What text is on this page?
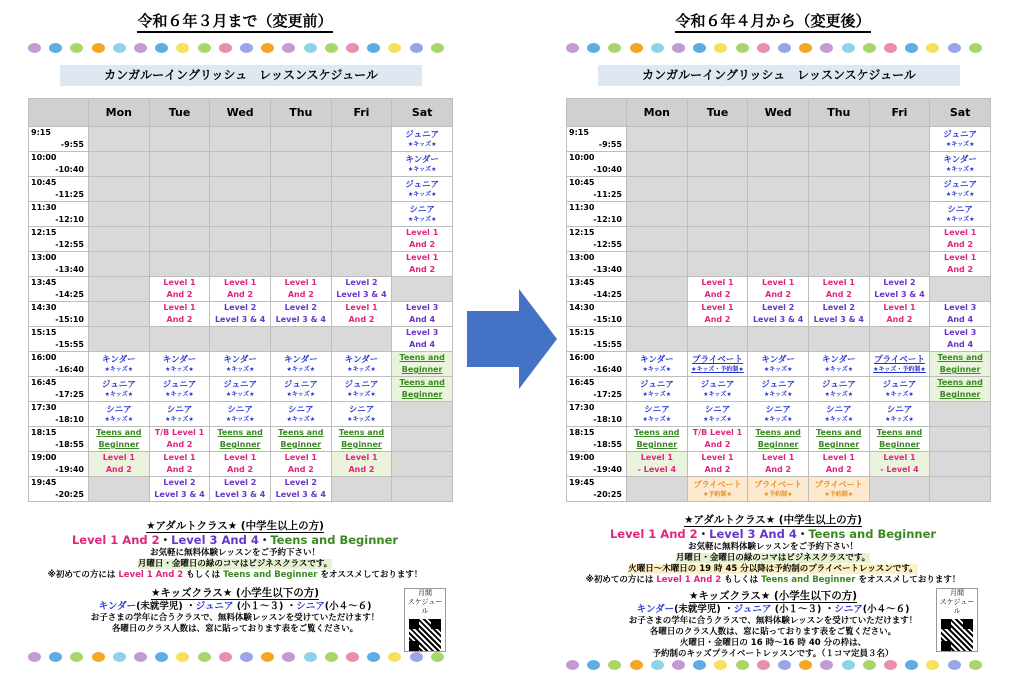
令和６年３月まで（変更前）
カンガルーイングリッシュ　レッスンスケジュール
	Mon	Tue	Wed	Thu	Fri	Sat
9:15
-9:55						ジュニア
★キッズ★

10:00
-10:40						キンダー
★キッズ★

10:45
-11:25						ジュニア
★キッズ★

11:30
-12:10						シニア
★キッズ★

12:15
-12:55						Level 1
And 2

13:00
-13:40						Level 1
And 2

13:45
-14:25		Level 1
And 2	Level 1
And 2	Level 1
And 2	Level 2
Level 3 & 4	

14:30
-15:10		Level 1
And 2	Level 2
Level 3 & 4	Level 2
Level 3 & 4	Level 1
And 2	Level 3
And 4

15:15
-15:55						Level 3
And 4

16:00
-16:40	キンダー
★キッズ★	キンダー
★キッズ★	キンダー
★キッズ★	キンダー
★キッズ★	キンダー
★キッズ★	Teens and
Beginner

16:45
-17:25	ジュニア
★キッズ★	ジュニア
★キッズ★	ジュニア
★キッズ★	ジュニア
★キッズ★	ジュニア
★キッズ★	Teens and
Beginner

17:30
-18:10	シニア
★キッズ★	シニア
★キッズ★	シニア
★キッズ★	シニア
★キッズ★	シニア
★キッズ★	

18:15
-18:55	Teens and
Beginner	T/B Level 1
And 2	Teens and
Beginner	Teens and
Beginner	Teens and
Beginner	

19:00
-19:40	Level 1
And 2	Level 1
And 2	Level 1
And 2	Level 1
And 2	Level 1
And 2	

19:45
-20:25		Level 2
Level 3 & 4	Level 2
Level 3 & 4	Level 2
Level 3 & 4		

★アダルトクラス★ (中学生以上の方)
Level 1 And 2・Level 3 And 4・Teens and Beginner
お気軽に無料体験レッスンをご予約下さい！
月曜日・金曜日の緑のコマはビジネスクラスです。
※初めての方には Level 1 And 2 もしくは Teens and Beginner をオススメしております！
★キッズクラス★ (小学生以下の方)
キンダー(未就学児) ・ジュニア (小１〜３) ・シニア(小４〜６)
お子さまの学年に合うクラスで、無料体験レッスンを受けていただけます！
各曜日のクラス人数は、窓に貼っております表をご覧ください。
月間
スケジュール
令和６年４月から（変更後）
カンガルーイングリッシュ　レッスンスケジュール
	Mon	Tue	Wed	Thu	Fri	Sat
9:15
-9:55						ジュニア
★キッズ★

10:00
-10:40						キンダー
★キッズ★

10:45
-11:25						ジュニア
★キッズ★

11:30
-12:10						シニア
★キッズ★

12:15
-12:55						Level 1
And 2

13:00
-13:40						Level 1
And 2

13:45
-14:25		Level 1
And 2	Level 1
And 2	Level 1
And 2	Level 2
Level 3 & 4	

14:30
-15:10		Level 1
And 2	Level 2
Level 3 & 4	Level 2
Level 3 & 4	Level 1
And 2	Level 3
And 4

15:15
-15:55						Level 3
And 4

16:00
-16:40	キンダー
★キッズ★	プライベート
★キッズ・予約制★	キンダー
★キッズ★	キンダー
★キッズ★	プライベート
★キッズ・予約制★	Teens and
Beginner

16:45
-17:25	ジュニア
★キッズ★	ジュニア
★キッズ★	ジュニア
★キッズ★	ジュニア
★キッズ★	ジュニア
★キッズ★	Teens and
Beginner

17:30
-18:10	シニア
★キッズ★	シニア
★キッズ★	シニア
★キッズ★	シニア
★キッズ★	シニア
★キッズ★	

18:15
-18:55	Teens and
Beginner	T/B Level 1
And 2	Teens and
Beginner	Teens and
Beginner	Teens and
Beginner	

19:00
-19:40	Level 1
- Level 4	Level 1
And 2	Level 1
And 2	Level 1
And 2	Level 1
- Level 4	

19:45
-20:25		プライベート
★予約制★	プライベート
★予約制★	プライベート
★予約制★		

★アダルトクラス★ (中学生以上の方)
Level 1 And 2・Level 3 And 4・Teens and Beginner
お気軽に無料体験レッスンをご予約下さい！
月曜日・金曜日の緑のコマはビジネスクラスです。
火曜日〜木曜日の 19 時 45 分以降は予約制のプライベートレッスンです。
※初めての方には Level 1 And 2 もしくは Teens and Beginner をオススメしております！
★キッズクラス★ (小学生以下の方)
キンダー(未就学児) ・ジュニア (小１〜３) ・シニア(小４〜６)
お子さまの学年に合うクラスで、無料体験レッスンを受けていただけます！
各曜日のクラス人数は、窓に貼っております表をご覧ください。
火曜日・金曜日の 16 時〜16 時 40 分の枠は、
予約制のキッズプライベートレッスンです。（１コマ定員３名）
月間
スケジュール
